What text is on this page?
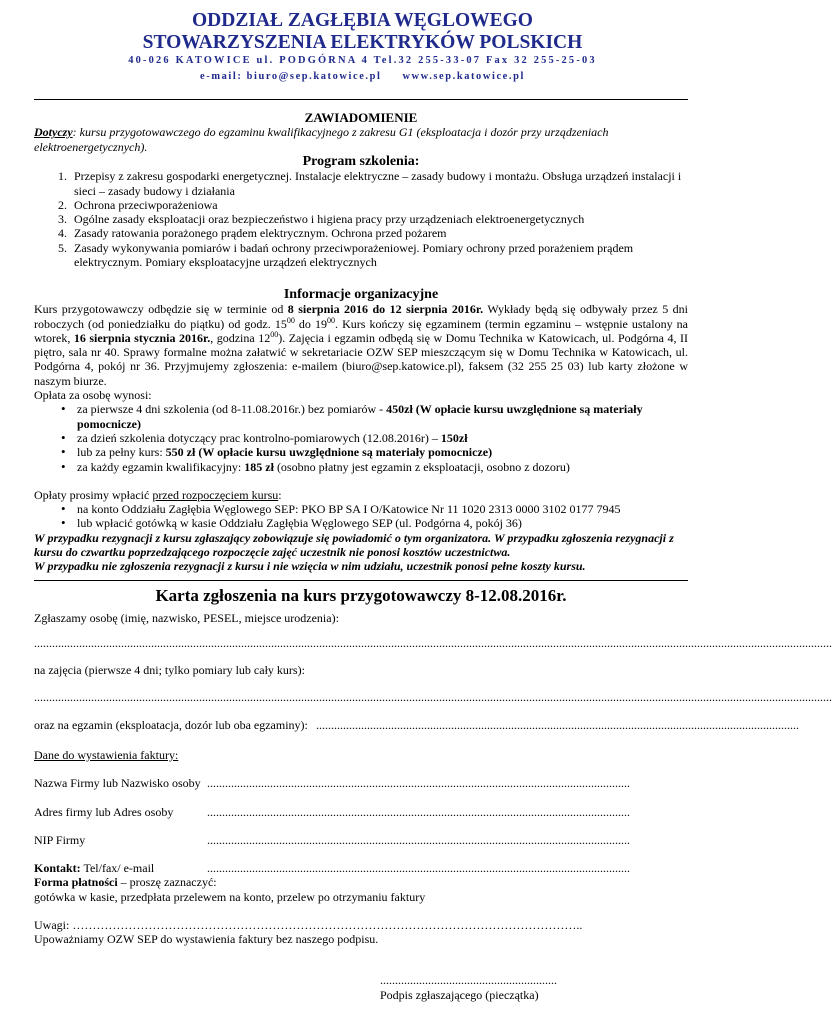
ODDZIAŁ ZAGŁĘBIA WĘGLOWEGO
STOWARZYSZENIA ELEKTRYKÓW POLSKICH
40-026 KATOWICE ul. PODGÓRNA 4 Tel.32 255-33-07 Fax 32 255-25-03
e-mail: biuro@sep.katowice.pl     www.sep.katowice.pl
ZAWIADOMIENIE
Dotyczy: kursu przygotowawczego do egzaminu kwalifikacyjnego z zakresu G1 (eksploatacja i dozór przy urządzeniach elektroenergetycznych).
Program szkolenia:
1. Przepisy z zakresu gospodarki energetycznej. Instalacje elektryczne – zasady budowy i montażu. Obsługa urządzeń instalacji i sieci – zasady budowy i działania
2. Ochrona przeciwporażeniowa
3. Ogólne zasady eksploatacji oraz bezpieczeństwo i higiena pracy przy urządzeniach elektroenergetycznych
4. Zasady ratowania porażonego prądem elektrycznym. Ochrona przed pożarem
5. Zasady wykonywania pomiarów i badań ochrony przeciwporażeniowej. Pomiary ochrony przed porażeniem prądem elektrycznym. Pomiary eksploatacyjne urządzeń elektrycznych
Informacje organizacyjne
Kurs przygotowawczy odbędzie się w terminie od 8 sierpnia 2016 do 12 sierpnia 2016r. Wykłady będą się odbywały przez 5 dni roboczych (od poniedziałku do piątku) od godz. $15^{00}$ do $19^{00}$. Kurs kończy się egzaminem (termin egzaminu – wstępnie ustalony na wtorek, 16 sierpnia stycznia 2016r., godzina $12^{00}$). Zajęcia i egzamin odbędą się w Domu Technika w Katowicach, ul. Podgórna 4, II piętro, sala nr 40. Sprawy formalne można załatwić w sekretariacie OZW SEP mieszczącym się w Domu Technika w Katowicach, ul. Podgórna 4, pokój nr 36. Przyjmujemy zgłoszenia: e-mailem (biuro@sep.katowice.pl), faksem (32 255 25 03) lub karty złożone w naszym biurze.
Opłata za osobę wynosi:
• za pierwsze 4 dni szkolenia (od 8-11.08.2016r.) bez pomiarów - 450zł (W opłacie kursu uwzględnione są materiały pomocnicze)
• za dzień szkolenia dotyczący prac kontrolno-pomiarowych (12.08.2016r) – 150zł
• lub za pełny kurs: 550 zł (W opłacie kursu uwzględnione są materiały pomocnicze)
• za każdy egzamin kwalifikacyjny: 185 zł (osobno płatny jest egzamin z eksploatacji, osobno z dozoru)
Opłaty prosimy wpłacić przed rozpoczęciem kursu:
• na konto Oddziału Zagłębia Węglowego SEP: PKO BP SA I O/Katowice Nr 11 1020 2313 0000 3102 0177 7945
• lub wpłacić gotówką w kasie Oddziału Zagłębia Węglowego SEP (ul. Podgórna 4, pokój 36)
W przypadku rezygnacji z kursu zgłaszający zobowiązuje się powiadomić o tym organizatora. W przypadku zgłoszenia rezygnacji z kursu do czwartku poprzedzającego rozpoczęcie zajęć uczestnik nie ponosi kosztów uczestnictwa.
W przypadku nie zgłoszenia rezygnacji z kursu i nie wzięcia w nim udziału, uczestnik ponosi pełne koszty kursu.
Karta zgłoszenia na kurs przygotowawczy 8-12.08.2016r.
Zgłaszamy osobę (imię, nazwisko, PESEL, miejsce urodzenia):
..........................................................................................................................................................................................................................................................................
na zajęcia (pierwsze 4 dni; tylko pomiary lub cały kurs):
..........................................................................................................................................................................................................................................................................
oraz na egzamin (eksploatacja, dozór lub oba egzaminy): .................................................................................................................................................................
Dane do wystawienia faktury:
Nazwa Firmy lub Nazwisko osoby .............................................................................................................................................
Adres firmy lub Adres osoby	.............................................................................................................................................
NIP Firmy	.............................................................................................................................................
Kontakt: Tel/fax/ e-mail	.............................................................................................................................................
Forma płatności – proszę zaznaczyć:
gotówka w kasie, przedpłata przelewem na konto, przelew po otrzymaniu faktury
Uwagi: ………………………………………………………………………………………………………………..
Upoważniamy OZW SEP do wystawienia faktury bez naszego podpisu.
...........................................................
Podpis zgłaszającego (pieczątka)
